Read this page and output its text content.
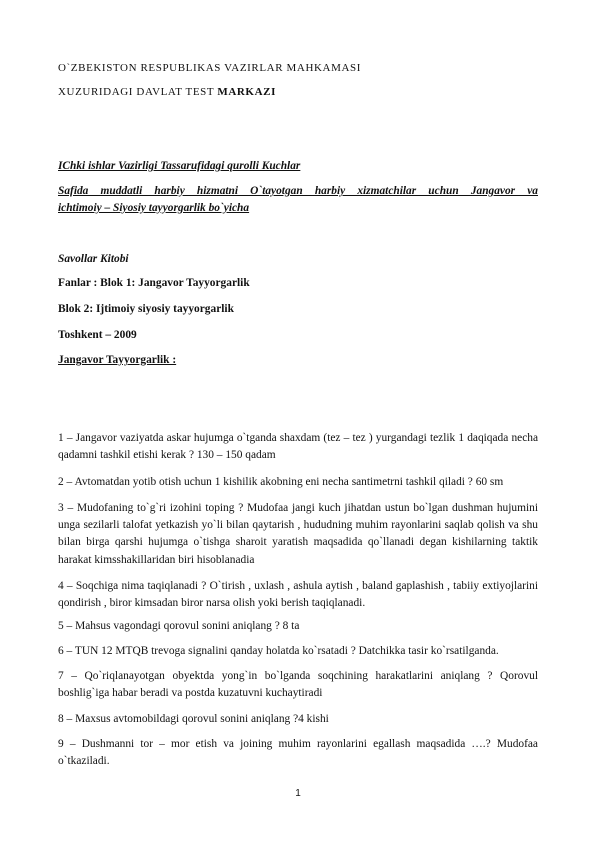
O`ZBEKISTON RESPUBLIKAS VAZIRLAR MAHKAMASI
XUZURIDAGI DAVLAT TEST MARKAZI
IChki ishlar Vazirligi Tassarufidagi qurolli Kuchlar
Safida muddatli harbiy hizmatni O`tayotgan harbiy xizmatchilar uchun Jangavor va
ichtimoiy – Siyosiy tayyorgarlik bo`yicha
Savollar Kitobi
Fanlar : Blok 1: Jangavor Tayyorgarlik
Blok 2: Ijtimoiy siyosiy tayyorgarlik
Toshkent – 2009
Jangavor Tayyorgarlik :
1 – Jangavor vaziyatda askar hujumga o`tganda shaxdam (tez – tez ) yurgandagi tezlik 1 daqiqada necha qadamni tashkil etishi kerak ? 130 – 150 qadam
2 – Avtomatdan yotib otish uchun 1 kishilik akobning eni necha santimetrni tashkil qiladi ? 60 sm
3 – Mudofaning to`g`ri izohini toping ? Mudofaa jangi kuch jihatdan ustun bo`lgan dushman hujumini unga sezilarli talofat yetkazish yo`li bilan qaytarish , hududning muhim rayonlarini saqlab qolish va shu bilan birga qarshi hujumga o`tishga sharoit yaratish maqsadida qo`llanadi degan kishilarning taktik harakat kimsshakillaridan biri hisoblanadia
4 – Soqchiga nima taqiqlanadi ? O`tirish , uxlash , ashula aytish , baland gaplashish , tabiiy extiyojlarini qondirish , biror kimsadan biror narsa olish yoki berish taqiqlanadi.
5 – Mahsus vagondagi qorovul sonini aniqlang ? 8 ta
6 – TUN 12 MTQB trevoga signalini qanday holatda ko`rsatadi ? Datchikka tasir ko`rsatilganda.
7 – Qo`riqlanayotgan obyektda yong`in bo`lganda soqchining harakatlarini aniqlang ? Qorovul boshlig`iga habar beradi va postda kuzatuvni kuchaytiradi
8 – Maxsus avtomobildagi qorovul sonini aniqlang ?4 kishi
9 – Dushmanni tor – mor etish va joining muhim rayonlarini egallash maqsadida ….? Mudofaa o`tkaziladi.
1
